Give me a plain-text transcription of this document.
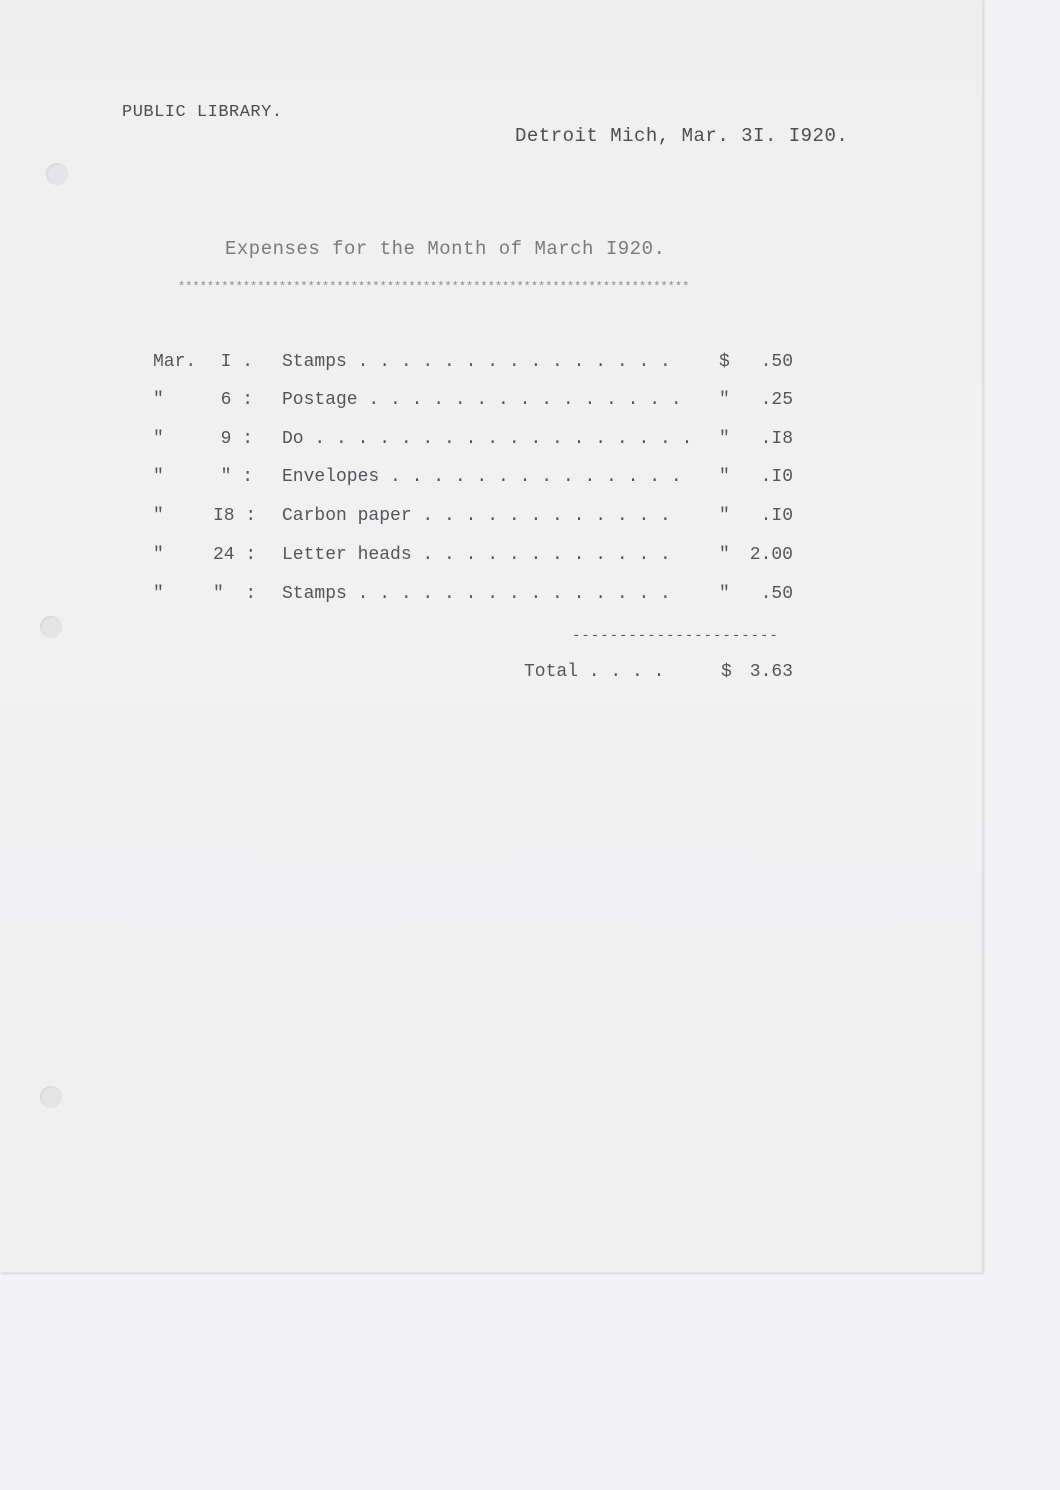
PUBLIC LIBRARY.
Detroit Mich, Mar. 3I. I920.
Expenses for the Month of March I920.
***********************************************************************
Mar.	I . Stamps . . . . . . . . . . . . . . .	$	.50
"	6 : Postage . . . . . . . . . . . . . . . "	.25
"	9 : Do . . . . . . . . . . . . . . . . . . "	.I8
"	" : Envelopes . . . . . . . . . . . . . . "	.I0
"	I8 : Carbon paper . . . . . . . . . . . .	"	.I0
"	24 : Letter heads . . . . . . . . . . . .	"	2.00
"	"  : Stamps . . . . . . . . . . . . . . .	"	.50
----------------------
Total . . . .	$ 3.63
